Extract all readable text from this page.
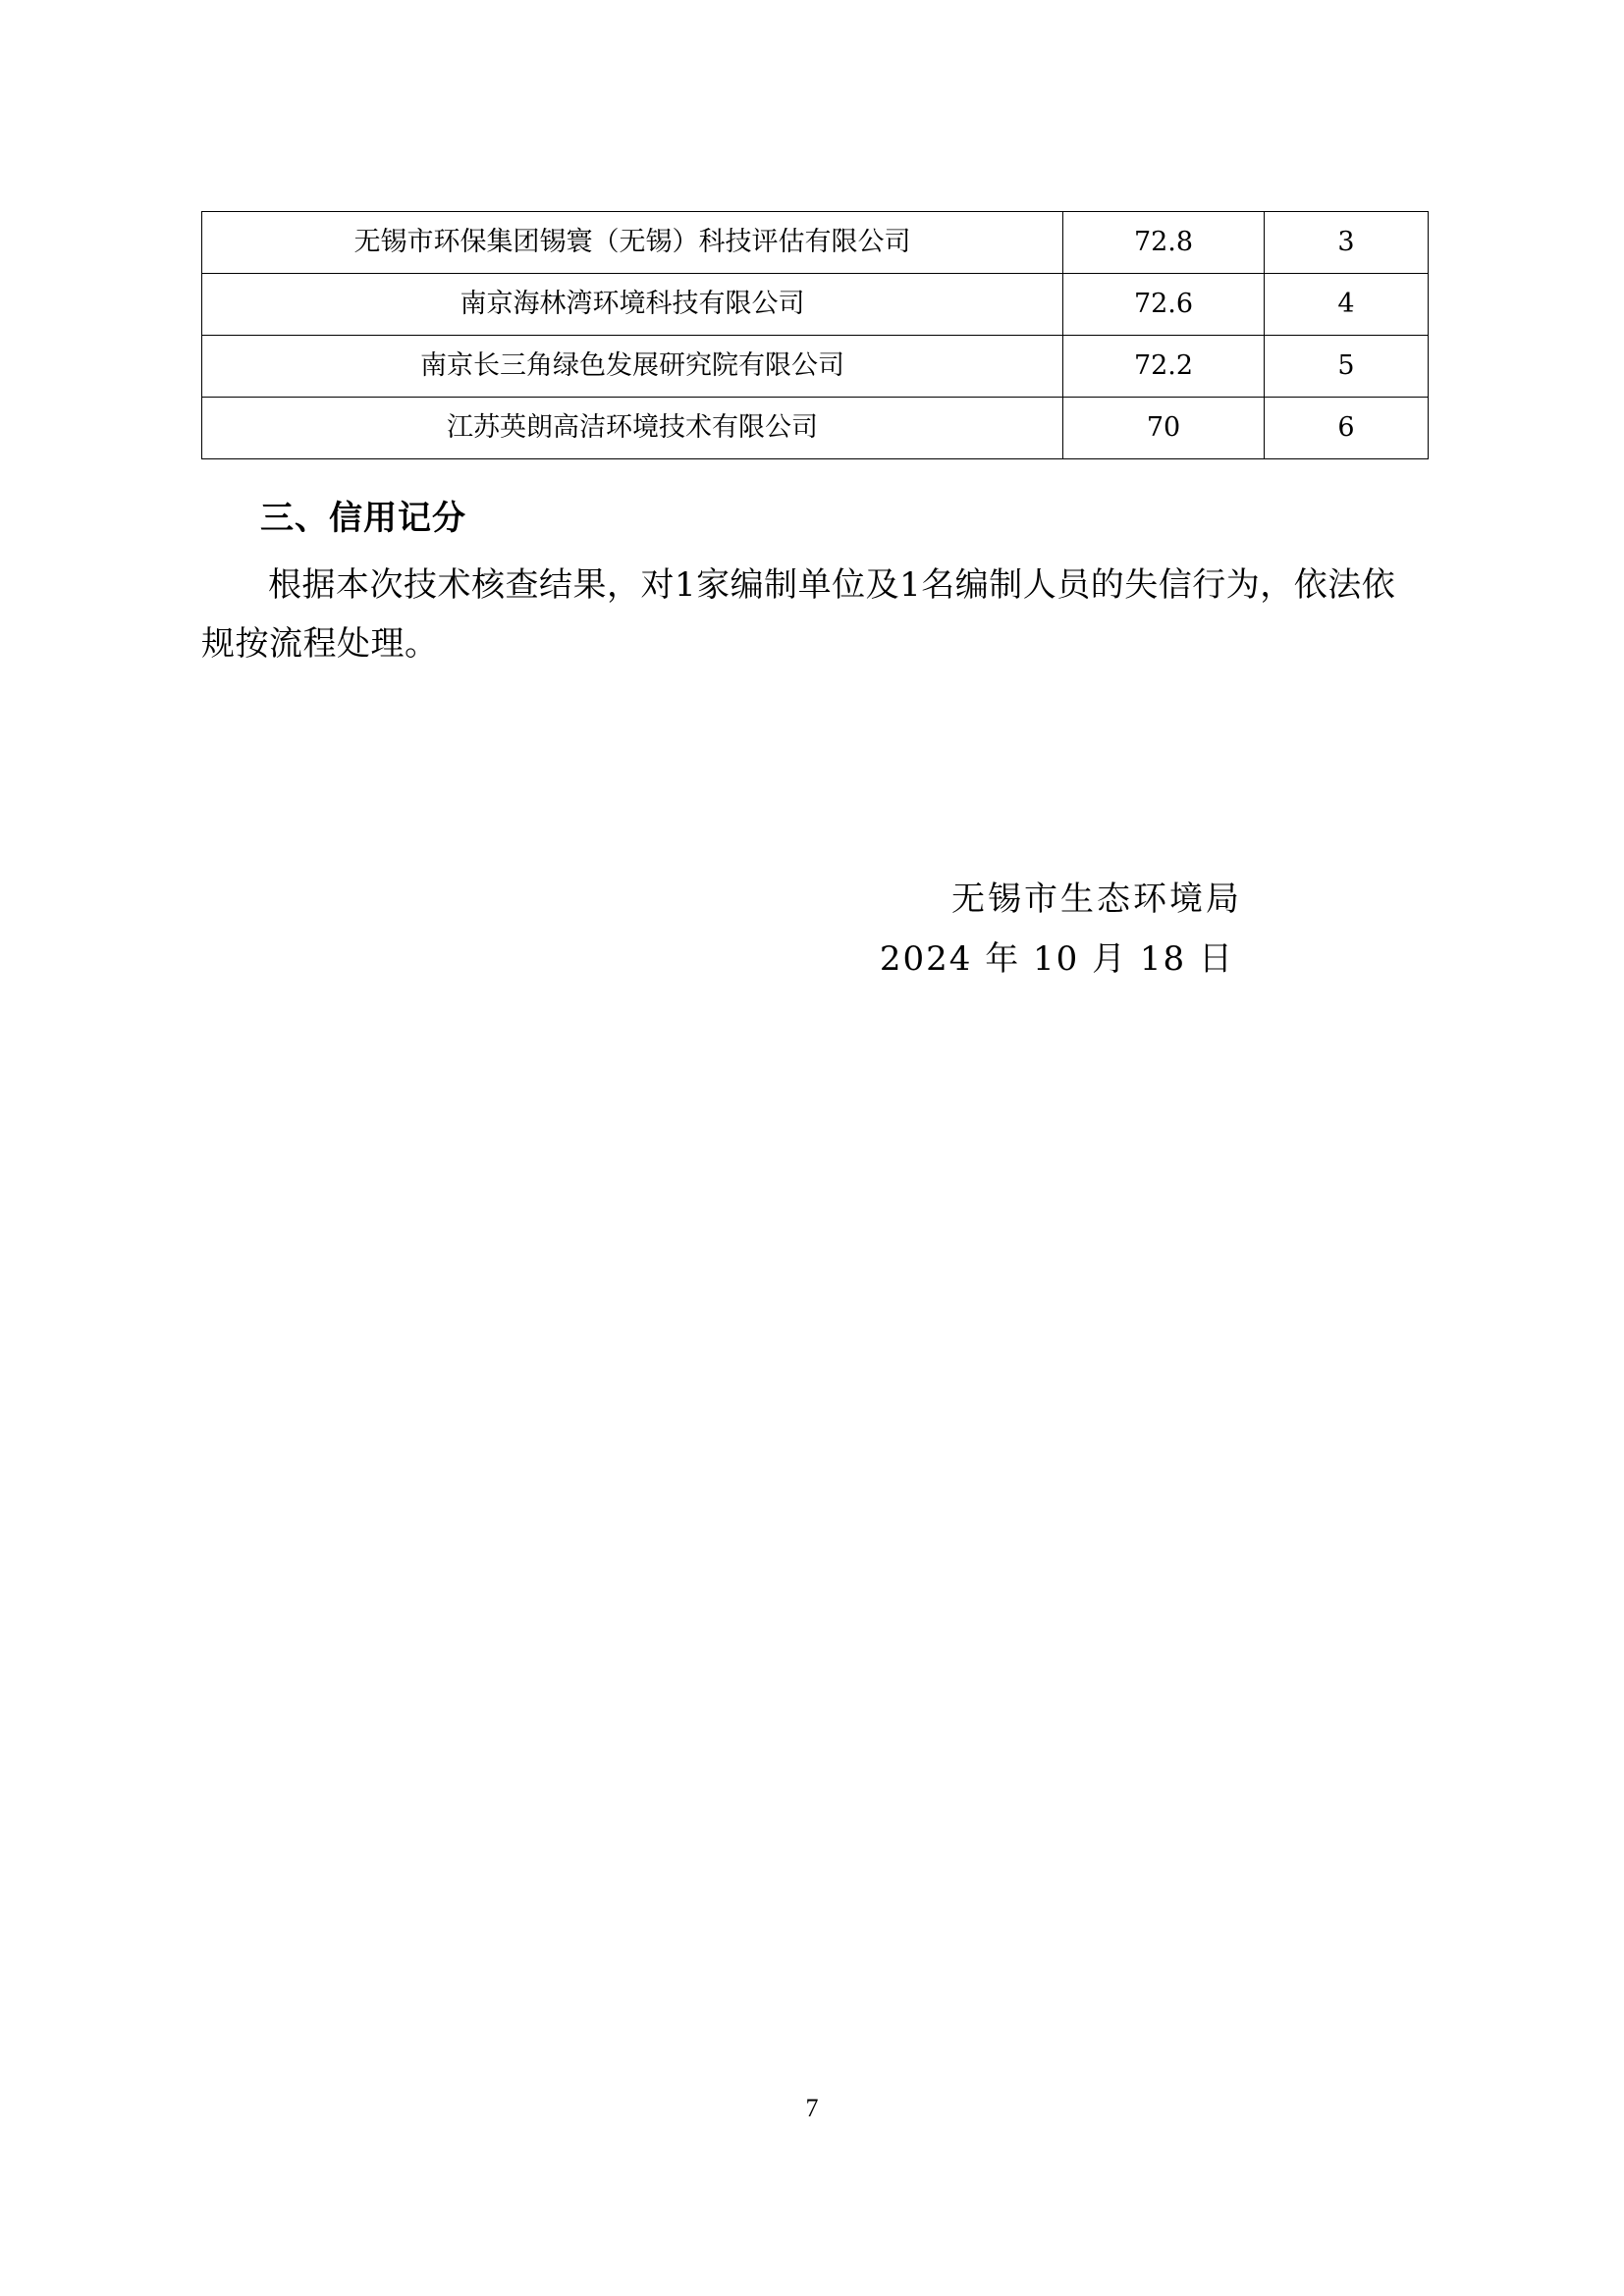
无锡市环保集团锡寰（无锡）科技评估有限公司	72.8	3
南京海林湾环境科技有限公司	72.6	4
南京长三角绿色发展研究院有限公司	72.2	5
江苏英朗高洁环境技术有限公司	70	6
三、信用记分

根据本次技术核查结果，对1家编制单位及1名编制人员的失信行为，依法依规按流程处理。

无锡市生态环境局
2024 年 10 月 18 日
7
